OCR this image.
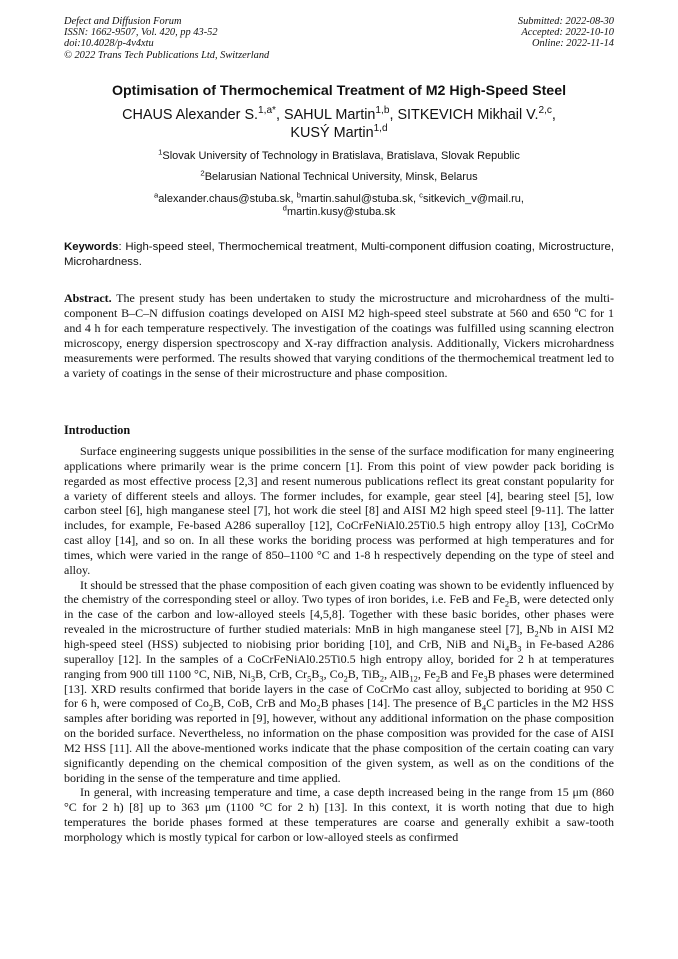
Defect and Diffusion Forum
ISSN: 1662-9507, Vol. 420, pp 43-52
doi:10.4028/p-4v4xtu
© 2022 Trans Tech Publications Ltd, Switzerland
Submitted: 2022-08-30
Accepted: 2022-10-10
Online: 2022-11-14
Optimisation of Thermochemical Treatment of M2 High-Speed Steel
CHAUS Alexander S.$^{1,a*}$, SAHUL Martin$^{1,b}$, SITKEVICH Mikhail V.$^{2,c}$,
KUSÝ Martin$^{1,d}$
$^1$Slovak University of Technology in Bratislava, Bratislava, Slovak Republic
$^2$Belarusian National Technical University, Minsk, Belarus
$^a$alexander.chaus@stuba.sk, $^b$martin.sahul@stuba.sk, $^c$sitkevich_v@mail.ru,
$^d$martin.kusy@stuba.sk
Keywords: High-speed steel, Thermochemical treatment, Multi-component diffusion coating, Microstructure, Microhardness.
Abstract. The present study has been undertaken to study the microstructure and microhardness of the multi-component B–C–N diffusion coatings developed on AISI M2 high-speed steel substrate at 560 and 650 ºC for 1 and 4 h for each temperature respectively. The investigation of the coatings was fulfilled using scanning electron microscopy, energy dispersion spectroscopy and X-ray diffraction analysis. Additionally, Vickers microhardness measurements were performed. The results showed that varying conditions of the thermochemical treatment led to a variety of coatings in the sense of their microstructure and phase composition.
Introduction

Surface engineering suggests unique possibilities in the sense of the surface modification for many engineering applications where primarily wear is the prime concern [1]. From this point of view powder pack boriding is regarded as most effective process [2,3] and resent numerous publications reflect its great constant popularity for a variety of different steels and alloys. The former includes, for example, gear steel [4], bearing steel [5], low carbon steel [6], high manganese steel [7], hot work die steel [8] and AISI M2 high speed steel [9-11]. The latter includes, for example, Fe-based A286 superalloy [12], CoCrFeNiAl0.25Ti0.5 high entropy alloy [13], CoCrMo cast alloy [14], and so on. In all these works the boriding process was performed at high temperatures and for times, which were varied in the range of 850–1100 °C and 1-8 h respectively depending on the type of steel and alloy.

It should be stressed that the phase composition of each given coating was shown to be evidently influenced by the chemistry of the corresponding steel or alloy. Two types of iron borides, i.e. FeB and $Fe_2B$, were detected only in the case of the carbon and low-alloyed steels [4,5,8]. Together with these basic borides, other phases were revealed in the microstructure of further studied materials: MnB in high manganese steel [7], $B_2Nb$ in AISI M2 high-speed steel (HSS) subjected to niobising prior boriding [10], and CrB, NiB and $Ni_4B_3$ in Fe-based A286 superalloy [12]. In the samples of a CoCrFeNiAl0.25Ti0.5 high entropy alloy, borided for 2 h at temperatures ranging from 900 till 1100 °C, NiB, $Ni_3B$, CrB, $Cr_5B_3$, $Co_2B$, TiB$_2$, AlB$_{12}$, $Fe_2B$ and $Fe_3B$ phases were determined [13]. XRD results confirmed that boride layers in the case of CoCrMo cast alloy, subjected to boriding at 950 C for 6 h, were composed of $Co_2B$, CoB, CrB and $Mo_2B$ phases [14]. The presence of $B_4C$ particles in the M2 HSS samples after boriding was reported in [9], however, without any additional information on the phase composition on the borided surface. Nevertheless, no information on the phase composition was provided for the case of AISI M2 HSS [11]. All the above-mentioned works indicate that the phase composition of the certain coating can vary significantly depending on the chemical composition of the given system, as well as on the conditions of the boriding in the sense of the temperature and time applied.

In general, with increasing temperature and time, a case depth increased being in the range from 15 μm (860 °C for 2 h) [8] up to 363 μm (1100 °C for 2 h) [13]. In this context, it is worth noting that due to high temperatures the boride phases formed at these temperatures are coarse and generally exhibit a saw-tooth morphology which is mostly typical for carbon or low-alloyed steels as confirmed
